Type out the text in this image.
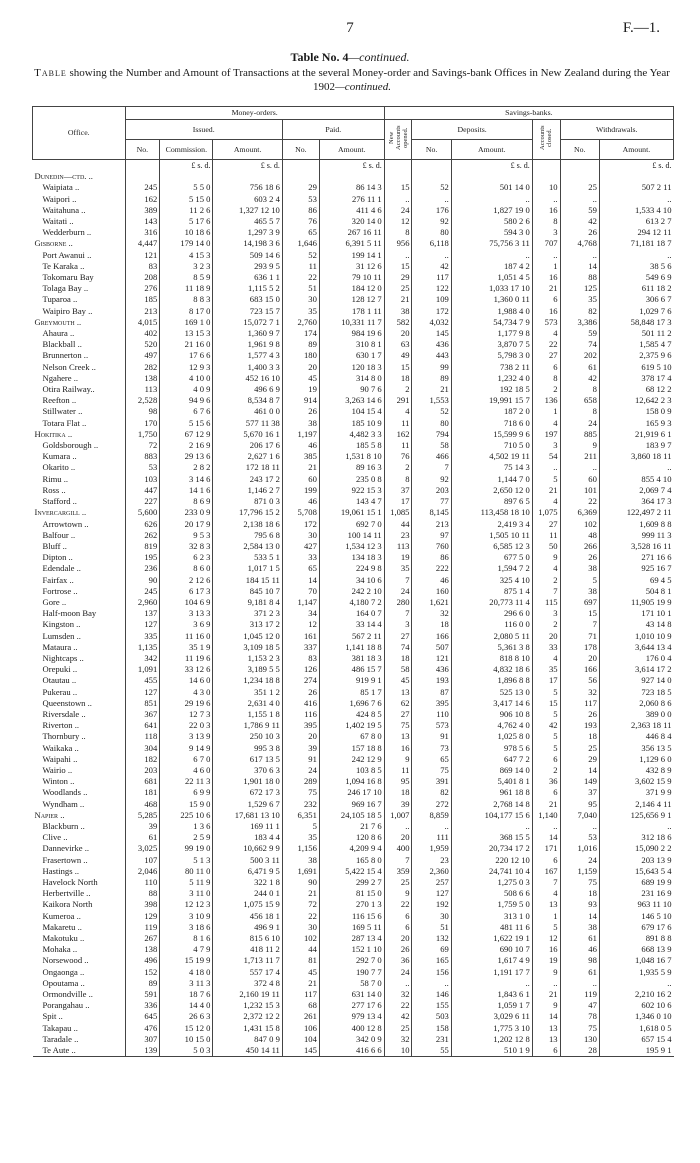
7	F.—1.
Table No. 4—continued.
Table showing the Number and Amount of Transactions at the several Money-order and Savings-bank Offices in New Zealand during the Year 1902—continued.
Office.	Money-orders.					Savings-banks.					
	Issued.			Paid.		New Accounts opened.	Deposits.		Accounts closed.	Withdrawals.	
	No.	Commission.	Amount.	No.	Amount.		No.	Amount.		No.	Amount.
		£ s. d.	£ s. d.		£ s. d.			£ s. d.			£ s. d.
Dunedin—ctd. ..											
Waipiata ..	245	5 5 0	756 18 6	29	86 14 3	15	52	501 14 0	10	25	507 2 11
Waipori ..	162	5 15 0	603 2 4	53	276 11 1	..	..	..	..	..	..
Waitahuna ..	389	11 2 6	1,327 12 10	86	411 4 6	24	176	1,827 19 0	16	59	1,533 4 10
Waitati ..	143	5 17 6	465 5 7	76	320 14 0	12	92	580 2 6	8	42	613 2 7
Wedderburn ..	316	10 18 6	1,297 3 9	65	267 16 11	8	80	594 3 0	3	26	294 12 11
Gisborne ..	4,447	179 14 0	14,198 3 6	1,646	6,391 5 11	956	6,118	75,756 3 11	707	4,768	71,181 18 7
Port Awanui ..	121	4 15 3	509 14 6	52	199 14 1	..	..	..	..	..	..
Te Karaka ..	83	3 2 3	293 9 5	11	31 12 6	15	42	187 4 2	1	14	38 5 6
Tokomaru Bay	208	8 5 9	636 1 1	22	79 10 11	29	117	1,051 4 5	16	88	549 6 9
Tolaga Bay ..	276	11 18 9	1,115 5 2	51	184 12 0	25	122	1,033 17 10	21	125	611 18 2
Tuparoa ..	185	8 8 3	683 15 0	30	128 12 7	21	109	1,360 0 11	6	35	306 6 7
Waipiro Bay ..	213	8 17 0	723 15 7	35	178 1 11	38	172	1,988 4 0	16	82	1,029 7 6
Greymouth ..	4,015	169 1 0	15,072 7 1	2,760	10,331 11 7	582	4,032	54,734 7 9	573	3,386	58,848 17 3
Ahaura ..	402	13 15 3	1,360 9 7	174	984 19 6	20	145	1,177 9 8	4	59	501 11 2
Blackball ..	520	21 16 0	1,961 9 8	89	310 8 1	63	436	3,870 7 5	22	74	1,585 4 7
Brunnerton ..	497	17 6 6	1,577 4 3	180	630 1 7	49	443	5,798 3 0	27	202	2,375 9 6
Nelson Creek ..	282	12 9 3	1,400 3 3	20	120 18 3	15	99	738 2 11	6	61	619 5 10
Ngahere ..	138	4 10 0	452 16 10	45	314 8 0	18	89	1,232 4 0	8	42	378 17 4
Otira Railway..	113	4 0 9	496 6 9	19	90 7 6	2	21	192 18 5	2	8	68 12 2
Reefton ..	2,528	94 9 6	8,534 8 7	914	3,263 14 6	291	1,553	19,991 15 7	136	658	12,642 2 3
Stillwater ..	98	6 7 6	461 0 0	26	104 15 4	4	52	187 2 0	1	8	158 0 9
Totara Flat ..	170	5 15 6	577 11 38	38	185 10 9	11	80	718 6 0	4	24	165 9 3
Hokitika ..	1,750	67 12 9	5,670 16 1	1,197	4,482 3 3	162	794	15,599 9 6	197	885	21,919 6 1
Goldsborough ..	72	2 16 9	206 17 6	46	185 5 8	11	58	710 5 0	3	9	183 9 7
Kumara ..	883	29 13 6	2,627 1 6	385	1,531 8 10	76	466	4,502 19 11	54	211	3,860 18 11
Okarito ..	53	2 8 2	172 18 11	21	89 16 3	2	7	75 14 3	..	..	..
Rimu ..	103	3 14 6	243 17 2	60	235 0 8	8	92	1,144 7 0	5	60	855 4 10
Ross ..	447	14 1 6	1,146 2 7	199	922 15 3	37	203	2,650 12 0	21	101	2,069 7 4
Stafford ..	227	8 6 9	871 0 3	46	143 4 7	17	77	897 6 5	4	22	364 17 3
Invercargill ..	5,600	233 0 9	17,796 15 2	5,708	19,061 15 1	1,085	8,145	113,458 18 10	1,075	6,369	122,497 2 11
Arrowtown ..	626	20 17 9	2,138 18 6	172	692 7 0	44	213	2,419 3 4	27	102	1,609 8 8
Balfour ..	262	9 5 3	795 6 8	30	100 14 11	23	97	1,505 10 11	11	48	999 11 3
Bluff ..	819	32 8 3	2,584 13 0	427	1,534 12 3	113	760	6,585 12 3	50	266	3,528 16 11
Dipton ..	195	6 2 3	533 5 1	33	134 18 3	19	86	677 5 0	9	26	271 16 6
Edendale ..	236	8 6 0	1,017 1 5	65	224 9 8	35	222	1,594 7 2	4	38	925 16 7
Fairfax ..	90	2 12 6	184 15 11	14	34 10 6	7	46	325 4 10	2	5	69 4 5
Fortrose ..	245	6 17 3	845 10 7	70	242 2 10	24	160	875 1 4	7	38	504 8 1
Gore ..	2,960	104 6 9	9,181 8 4	1,147	4,180 7 2	280	1,621	20,773 11 4	115	697	11,905 19 9
Half-moon Bay	137	3 13 3	371 2 3	34	164 0 7	7	32	296 6 0	3	15	171 10 1
Kingston ..	127	3 6 9	313 17 2	12	33 14 4	3	18	116 0 0	2	7	43 14 8
Lumsden ..	335	11 16 0	1,045 12 0	161	567 2 11	27	166	2,080 5 11	20	71	1,010 10 9
Mataura ..	1,135	35 1 9	3,109 18 5	337	1,141 18 8	74	507	5,361 3 8	33	178	3,644 13 4
Nightcaps ..	342	11 19 6	1,153 2 3	83	381 18 3	18	121	818 8 10	4	20	176 0 4
Orepuki ..	1,091	33 12 6	3,189 5 5	126	486 15 7	58	436	4,832 18 6	35	166	3,614 17 2
Otautau ..	455	14 6 0	1,234 18 8	274	919 9 1	45	193	1,896 8 8	17	56	927 14 0
Pukerau ..	127	4 3 0	351 1 2	26	85 1 7	13	87	525 13 0	5	32	723 18 5
Queenstown ..	851	29 19 6	2,631 4 0	416	1,696 7 6	62	395	3,417 14 6	15	117	2,060 8 6
Riversdale ..	367	12 7 3	1,155 1 8	116	424 8 5	27	110	906 10 8	5	26	389 0 0
Riverton ..	641	22 0 3	1,786 9 11	395	1,402 19 5	75	573	4,762 4 0	42	193	2,363 18 11
Thornbury ..	118	3 13 9	250 10 3	20	67 8 0	13	91	1,025 8 0	5	18	446 8 4
Waikaka ..	304	9 14 9	995 3 8	39	157 18 8	16	73	978 5 6	5	25	356 13 5
Waipahi ..	182	6 7 0	617 13 5	91	242 12 9	9	65	647 7 2	6	29	1,129 6 0
Wairio ..	203	4 6 0	370 6 3	24	103 8 5	11	75	869 14 0	2	14	432 8 9
Winton ..	681	22 11 3	1,901 18 0	289	1,094 16 8	95	391	5,401 8 1	36	149	3,602 15 9
Woodlands ..	181	6 9 9	672 17 3	75	246 17 10	18	82	961 18 8	6	37	371 9 9
Wyndham ..	468	15 9 0	1,529 6 7	232	969 16 7	39	272	2,768 14 8	21	95	2,146 4 11
Napier ..	5,285	225 10 6	17,681 13 10	6,351	24,105 18 5	1,007	8,859	104,177 15 6	1,140	7,040	125,656 9 1
Blackburn ..	39	1 3 6	169 11 1	5	21 7 6	..	..	..	..	..	..
Clive ..	61	2 5 9	183 4 4	35	120 8 6	20	111	368 15 5	14	53	312 18 6
Dannevirke ..	3,025	99 19 0	10,662 9 9	1,156	4,209 9 4	400	1,959	20,734 17 2	171	1,016	15,090 2 2
Frasertown ..	107	5 1 3	500 3 11	38	165 8 0	7	23	220 12 10	6	24	203 13 9
Hastings ..	2,046	80 11 0	6,471 9 5	1,691	5,422 15 4	359	2,360	24,741 10 4	167	1,159	15,643 5 4
Havelock North	110	5 11 9	322 1 8	90	299 2 7	25	257	1,275 0 3	7	75	689 19 9
Herbertville ..	88	3 11 0	244 0 1	21	81 15 0	9	127	508 6 6	4	18	231 16 9
Kaikora North	398	12 12 3	1,075 15 9	72	270 1 3	22	192	1,759 5 0	13	93	963 11 10
Kumeroa ..	129	3 10 9	456 18 1	22	116 15 6	6	30	313 1 0	1	14	146 5 10
Makaretu ..	119	3 18 6	496 9 1	30	169 5 11	6	51	481 11 6	5	38	679 17 6
Makotuku ..	267	8 1 6	815 6 10	102	287 13 4	20	132	1,622 19 1	12	61	891 8 8
Mohaka ..	138	4 7 9	418 11 2	44	152 1 10	26	69	690 10 7	16	46	668 13 9
Norsewood ..	496	15 19 9	1,713 11 7	81	292 7 0	36	165	1,617 4 9	19	98	1,048 16 7
Ongaonga ..	152	4 18 0	557 17 4	45	190 7 7	24	156	1,191 17 7	9	61	1,935 5 9
Opoutama ..	89	3 11 3	372 4 8	21	58 7 0	..	..	..	..	..	..
Ormondville ..	591	18 7 6	2,160 19 11	117	631 14 0	32	146	1,843 6 1	21	119	2,210 16 2
Porangahau ..	336	14 4 0	1,232 15 3	68	277 17 6	22	155	1,059 1 7	9	47	602 10 6
Spit ..	645	26 6 3	2,372 12 2	261	979 13 4	42	503	3,029 6 11	14	78	1,346 0 10
Takapau ..	476	15 12 0	1,431 15 8	106	400 12 8	25	158	1,775 3 10	13	75	1,618 0 5
Taradale ..	307	10 15 0	847 0 9	104	342 0 9	32	231	1,202 12 8	13	130	657 15 4
Te Aute ..	139	5 0 3	450 14 11	145	416 6 6	10	55	510 1 9	6	28	195 9 1
